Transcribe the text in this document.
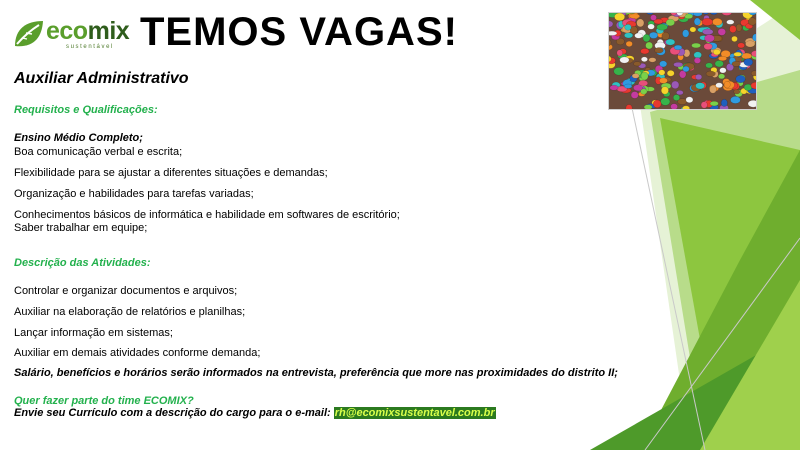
ecomix
sustentável TEMOS VAGAS!
Auxiliar Administrativo
Requisitos e Qualificações:
Ensino Médio Completo;
Boa comunicação verbal e escrita;
Flexibilidade para se ajustar a diferentes situações e demandas;
Organização e habilidades para tarefas variadas;
Conhecimentos básicos de informática e habilidade em softwares de escritório;
Saber trabalhar em equipe;
Descrição das Atividades:
Controlar e organizar documentos e arquivos;
Auxiliar na elaboração de relatórios e planilhas;
Lançar informação em sistemas;
Auxiliar em demais atividades conforme demanda;
Salário, benefícios e horários serão informados na entrevista, preferência que more nas proximidades do distrito II;
Quer fazer parte do time ECOMIX?
Envie seu Currículo com a descrição do cargo para o e-mail: rh@ecomixsustentavel.com.br
